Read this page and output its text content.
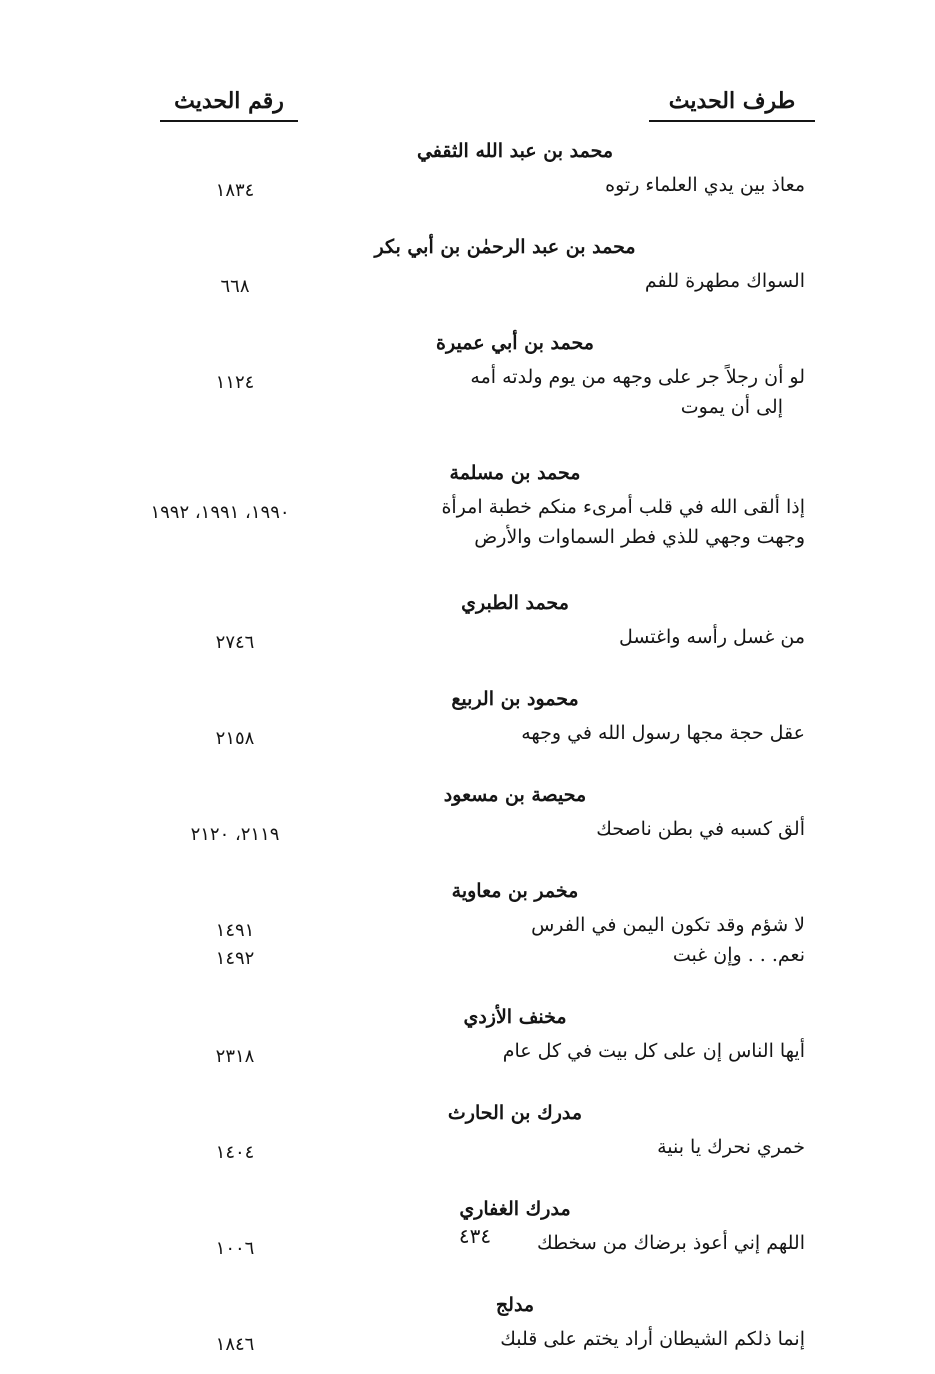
طرف الحديث
رقم الحديث
محمد بن عبد الله الثقفي
معاذ بين يدي العلماء رتوه
١٨٣٤
محمد بن عبد الرحمٰن بن أبي بكر
السواك مطهرة للفم
٦٦٨
محمد بن أبي عميرة
لو أن رجلاً جر على وجهه من يوم ولدته أمه
إلى أن يموت
١١٢٤
محمد بن مسلمة
إذا ألقى الله في قلب أمرىء منكم خطبة امرأة
وجهت وجهي للذي فطر السماوات والأرض
١٩٩٠، ١٩٩١، ١٩٩٢
محمد الطبري
من غسل رأسه واغتسل
٢٧٤٦
محمود بن الربيع
عقل حجة مجها رسول الله في وجهه
٢١٥٨
محيصة بن مسعود
ألق كسبه في بطن ناصحك
٢١١٩، ٢١٢٠
مخمر بن معاوية
لا شؤم وقد تكون اليمن في الفرس
١٤٩١
نعم. . . وإن غبت
١٤٩٢
مخنف الأزدي
أيها الناس إن على كل بيت في كل عام
٢٣١٨
مدرك بن الحارث
خمري نحرك يا بنية
١٤٠٤
مدرك الغفاري
اللهم إني أعوذ برضاك من سخطك
١٠٠٦
مدلج
إنما ذلكم الشيطان أراد يختم على قلبك
١٨٤٦
٤٣٤
